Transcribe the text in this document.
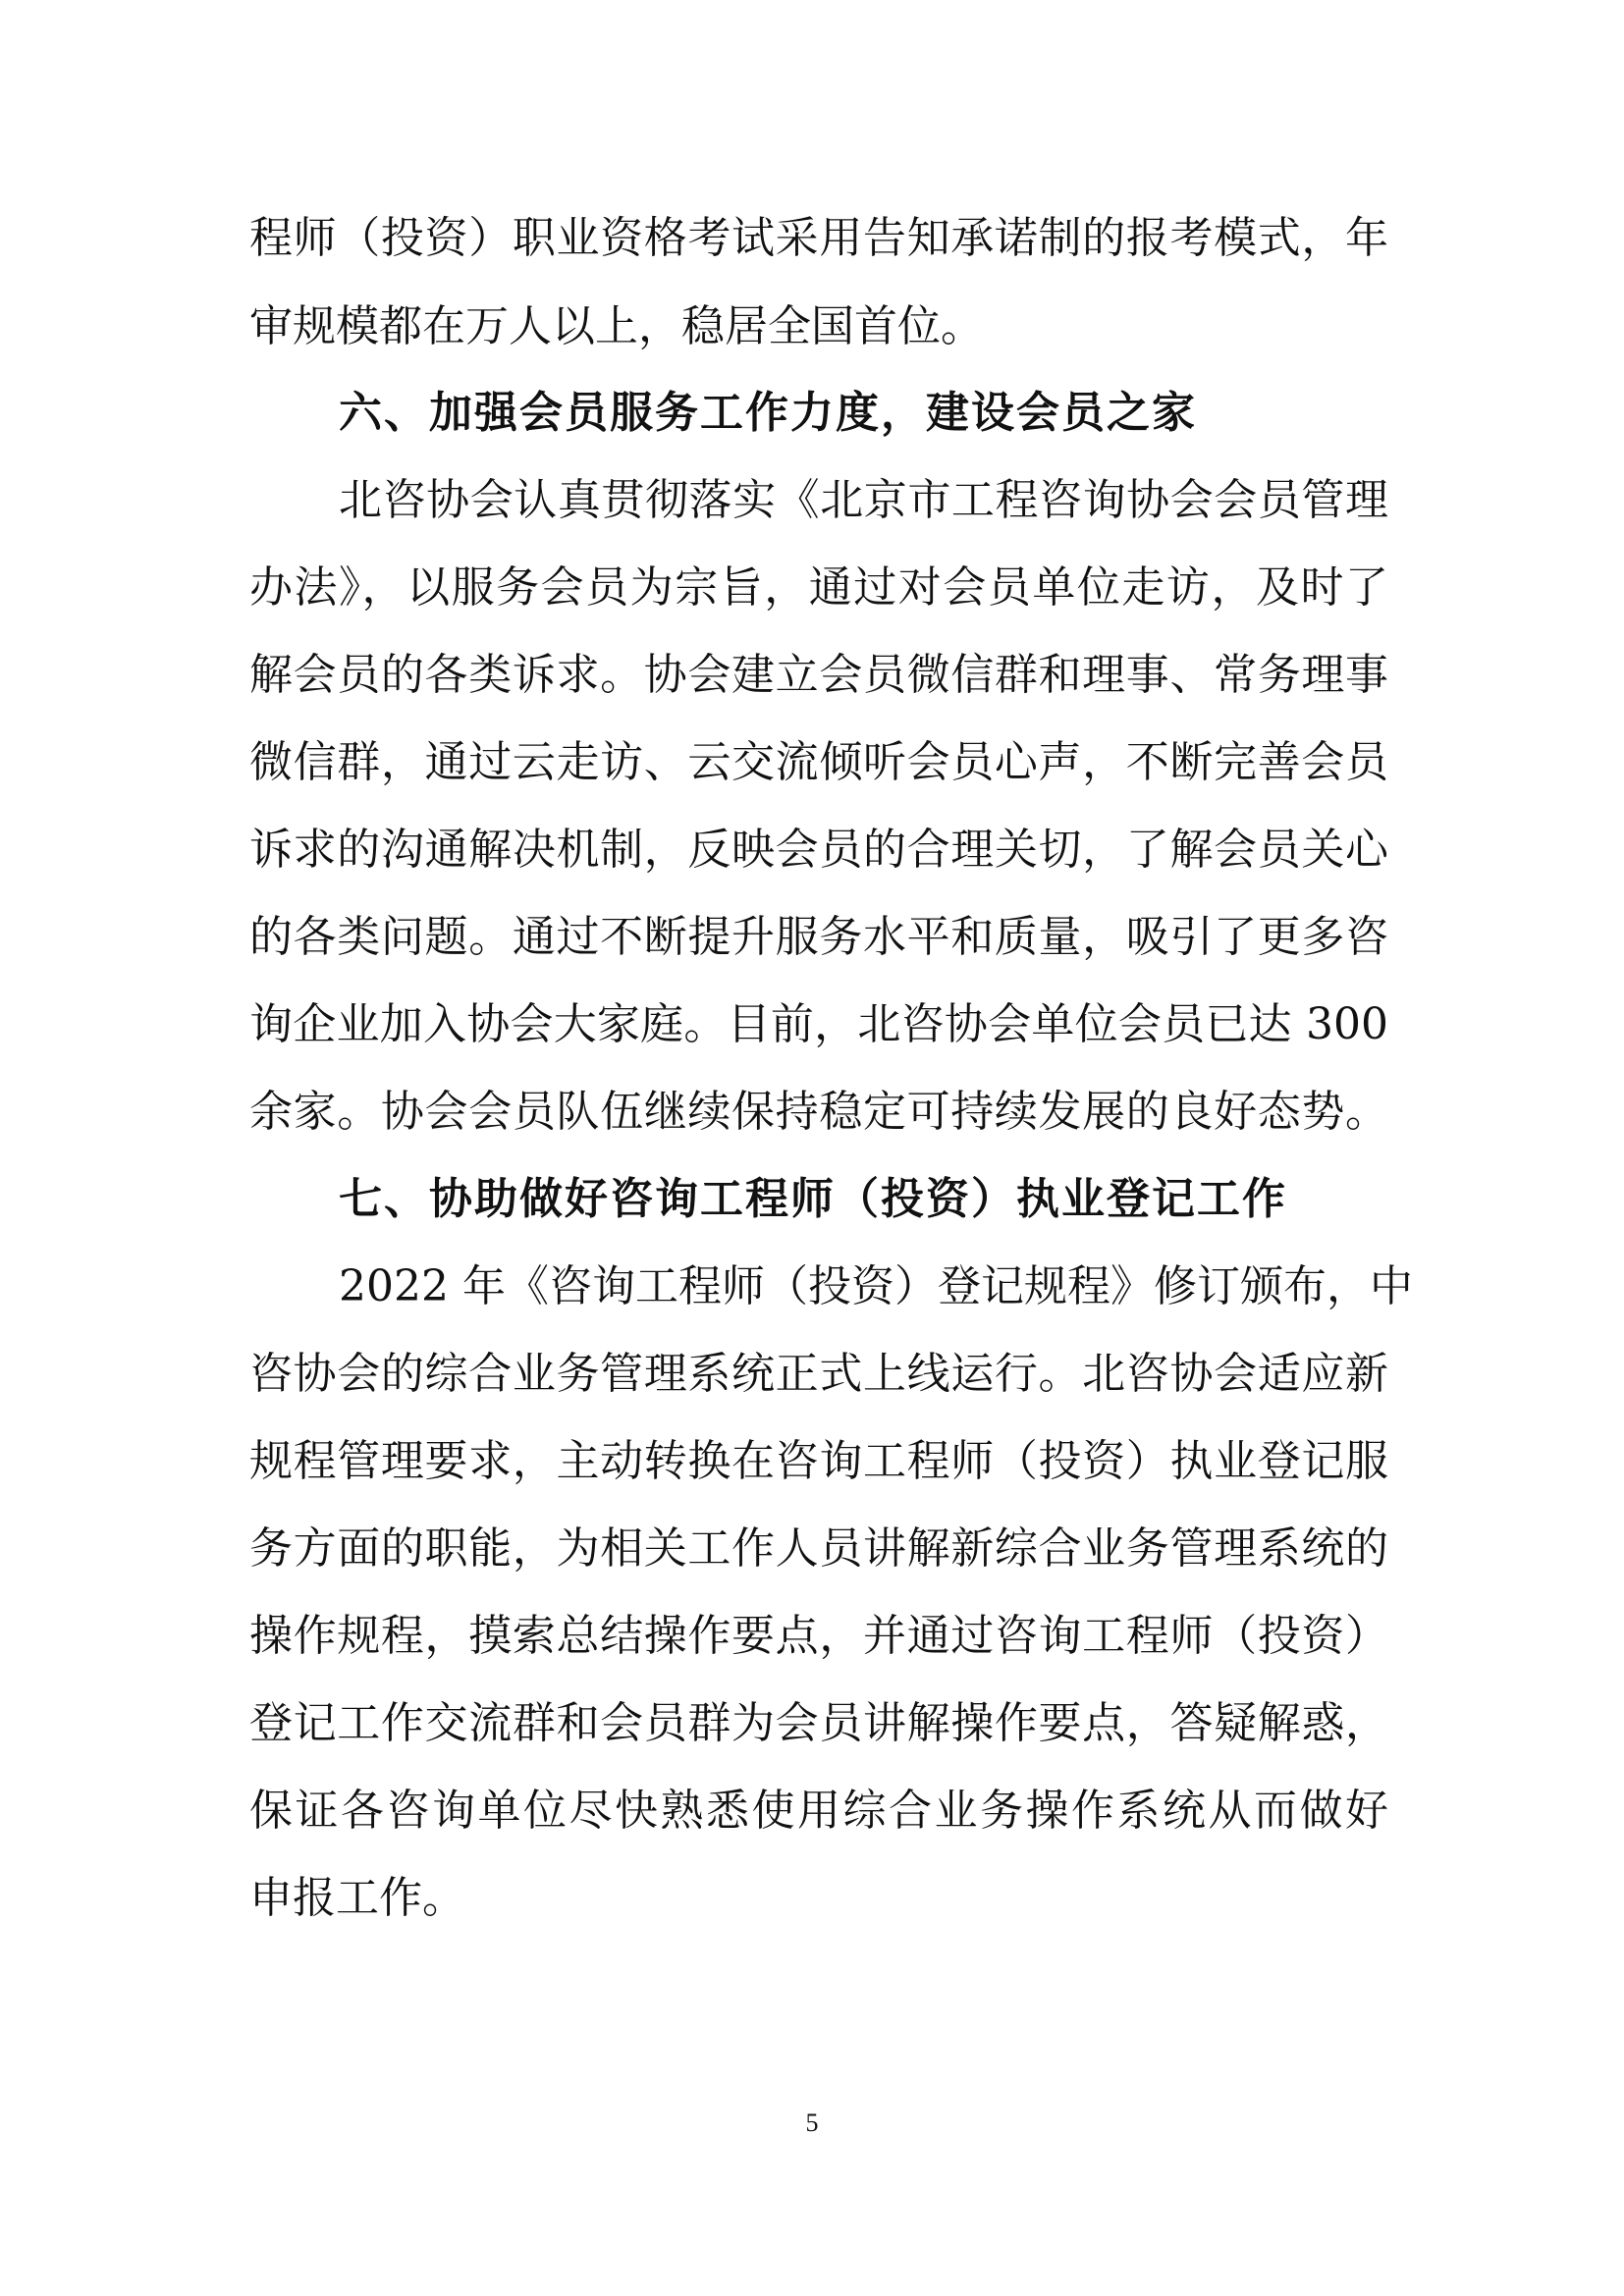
程师（投资）职业资格考试采用告知承诺制的报考模式，年
审规模都在万人以上，稳居全国首位。
六、加强会员服务工作力度，建设会员之家
北咨协会认真贯彻落实《北京市工程咨询协会会员管理
办法》，以服务会员为宗旨，通过对会员单位走访，及时了
解会员的各类诉求。协会建立会员微信群和理事、常务理事
微信群，通过云走访、云交流倾听会员心声，不断完善会员
诉求的沟通解决机制，反映会员的合理关切，了解会员关心
的各类问题。通过不断提升服务水平和质量，吸引了更多咨
询企业加入协会大家庭。目前，北咨协会单位会员已达 300
余家。协会会员队伍继续保持稳定可持续发展的良好态势。
七、协助做好咨询工程师（投资）执业登记工作
2022 年《咨询工程师（投资）登记规程》修订颁布，中
咨协会的综合业务管理系统正式上线运行。北咨协会适应新
规程管理要求，主动转换在咨询工程师（投资）执业登记服
务方面的职能，为相关工作人员讲解新综合业务管理系统的
操作规程，摸索总结操作要点，并通过咨询工程师（投资）
登记工作交流群和会员群为会员讲解操作要点，答疑解惑，
保证各咨询单位尽快熟悉使用综合业务操作系统从而做好
申报工作。
5
